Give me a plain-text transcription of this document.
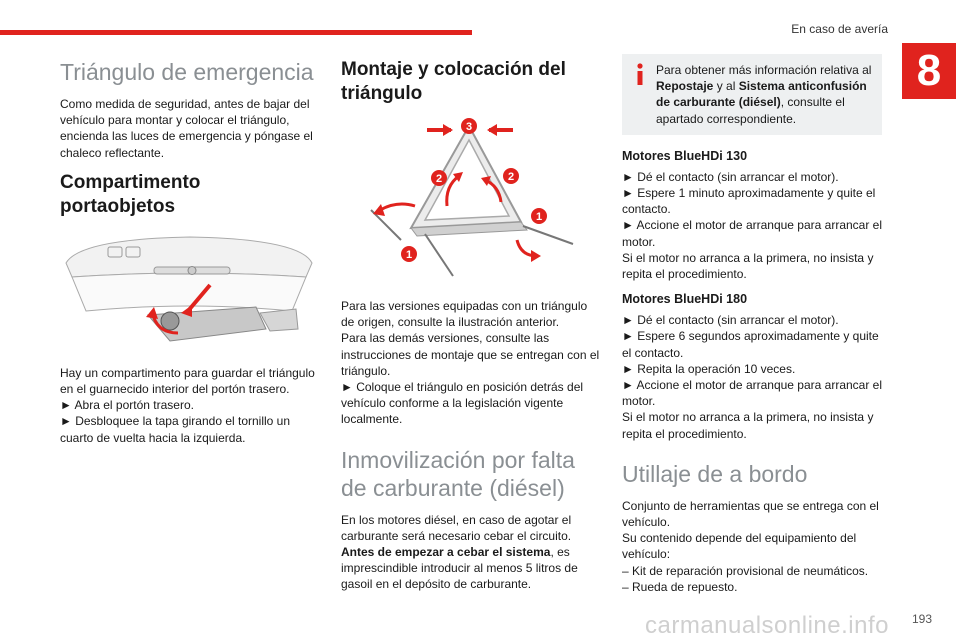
En caso de avería
8
Triángulo de emergencia

Como medida de seguridad, antes de bajar del vehículo para montar y colocar el triángulo, encienda las luces de emergencia y póngase el chaleco reflectante.

Compartimento portaobjetos

Hay un compartimento para guardar el triángulo en el guarnecido interior del portón trasero.
► Abra el portón trasero.
► Desbloquee la tapa girando el tornillo un cuarto de vuelta hacia la izquierda.

Montaje y colocación del triángulo
3
2	2
1
1

Para las versiones equipadas con un triángulo de origen, consulte la ilustración anterior.
Para las demás versiones, consulte las instrucciones de montaje que se entregan con el triángulo.
► Coloque el triángulo en posición detrás del vehículo conforme a la legislación vigente localmente.

Inmovilización por falta de carburante (diésel)

En los motores diésel, en caso de agotar el carburante será necesario cebar el circuito.
Antes de empezar a cebar el sistema, es imprescindible introducir al menos 5 litros de gasoil en el depósito de carburante.

Para obtener más información relativa al Repostaje y al Sistema anticonfusión de carburante (diésel), consulte el apartado correspondiente.
Motores BlueHDi 130

► Dé el contacto (sin arrancar el motor).
► Espere 1 minuto aproximadamente y quite el contacto.
► Accione el motor de arranque para arrancar el motor.
Si el motor no arranca a la primera, no insista y repita el procedimiento.

Motores BlueHDi 180

► Dé el contacto (sin arrancar el motor).
► Espere 6 segundos aproximadamente y quite el contacto.
► Repita la operación 10 veces.
► Accione el motor de arranque para arrancar el motor.
Si el motor no arranca a la primera, no insista y repita el procedimiento.

Utillaje de a bordo

Conjunto de herramientas que se entrega con el vehículo.
Su contenido depende del equipamiento del vehículo:
– Kit de reparación provisional de neumáticos.
– Rueda de repuesto.

carmanualsonline.info 193
